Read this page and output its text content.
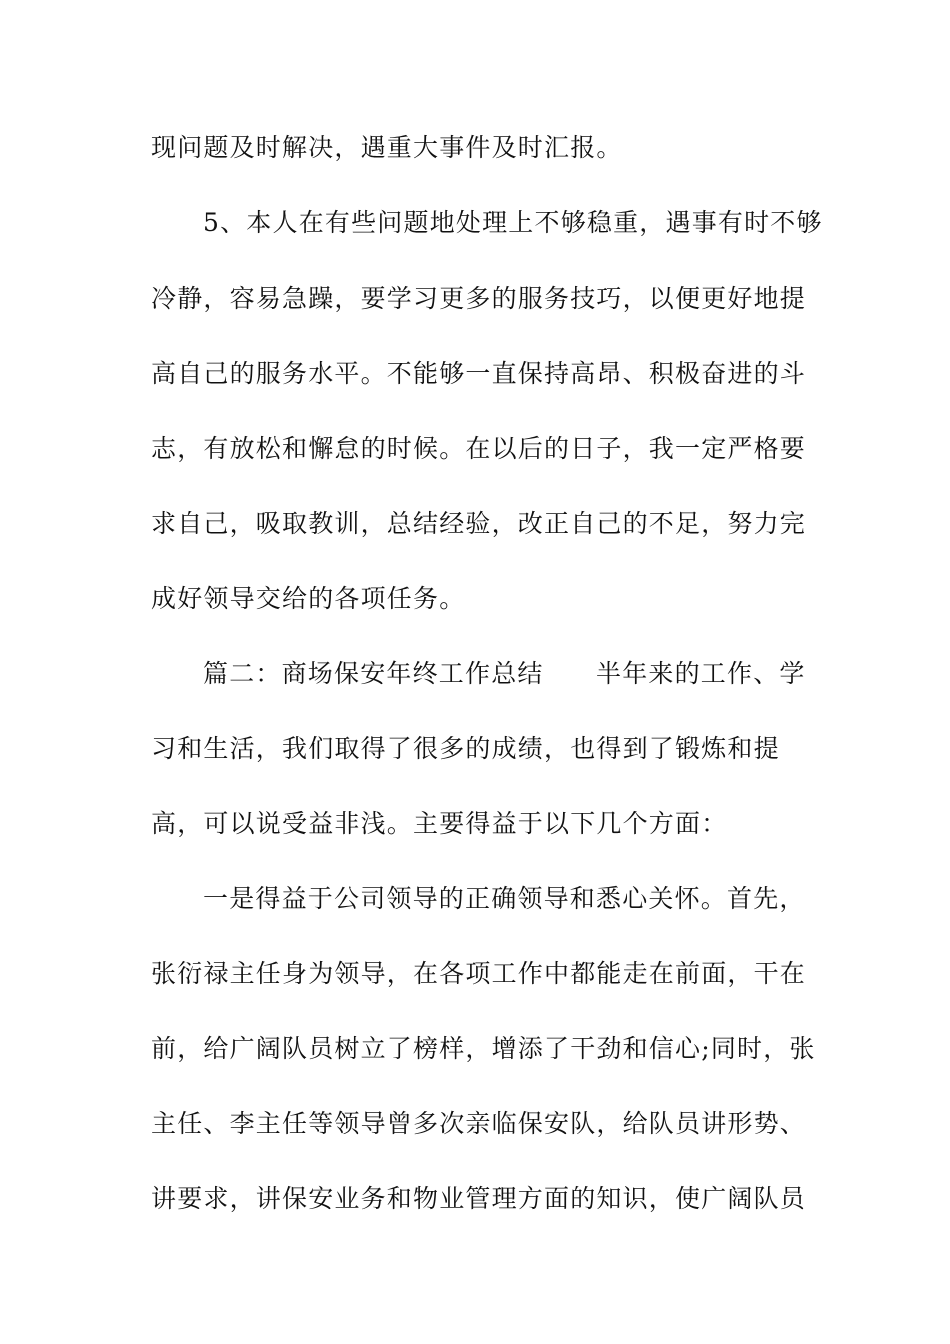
现问题及时解决，遇重大事件及时汇报。
5、本人在有些问题地处理上不够稳重，遇事有时不够
冷静，容易急躁，要学习更多的服务技巧，以便更好地提
高自己的服务水平。不能够一直保持高昂、积极奋进的斗
志，有放松和懈怠的时候。在以后的日子，我一定严格要
求自己，吸取教训，总结经验，改正自己的不足，努力完
成好领导交给的各项任务。
篇二：商场保安年终工作总结　　半年来的工作、学
习和生活，我们取得了很多的成绩，也得到了锻炼和提
高，可以说受益非浅。主要得益于以下几个方面：
一是得益于公司领导的正确领导和悉心关怀。首先，
张衍禄主任身为领导，在各项工作中都能走在前面，干在
前，给广阔队员树立了榜样，增添了干劲和信心;同时，张
主任、李主任等领导曾多次亲临保安队，给队员讲形势、
讲要求，讲保安业务和物业管理方面的知识，使广阔队员
